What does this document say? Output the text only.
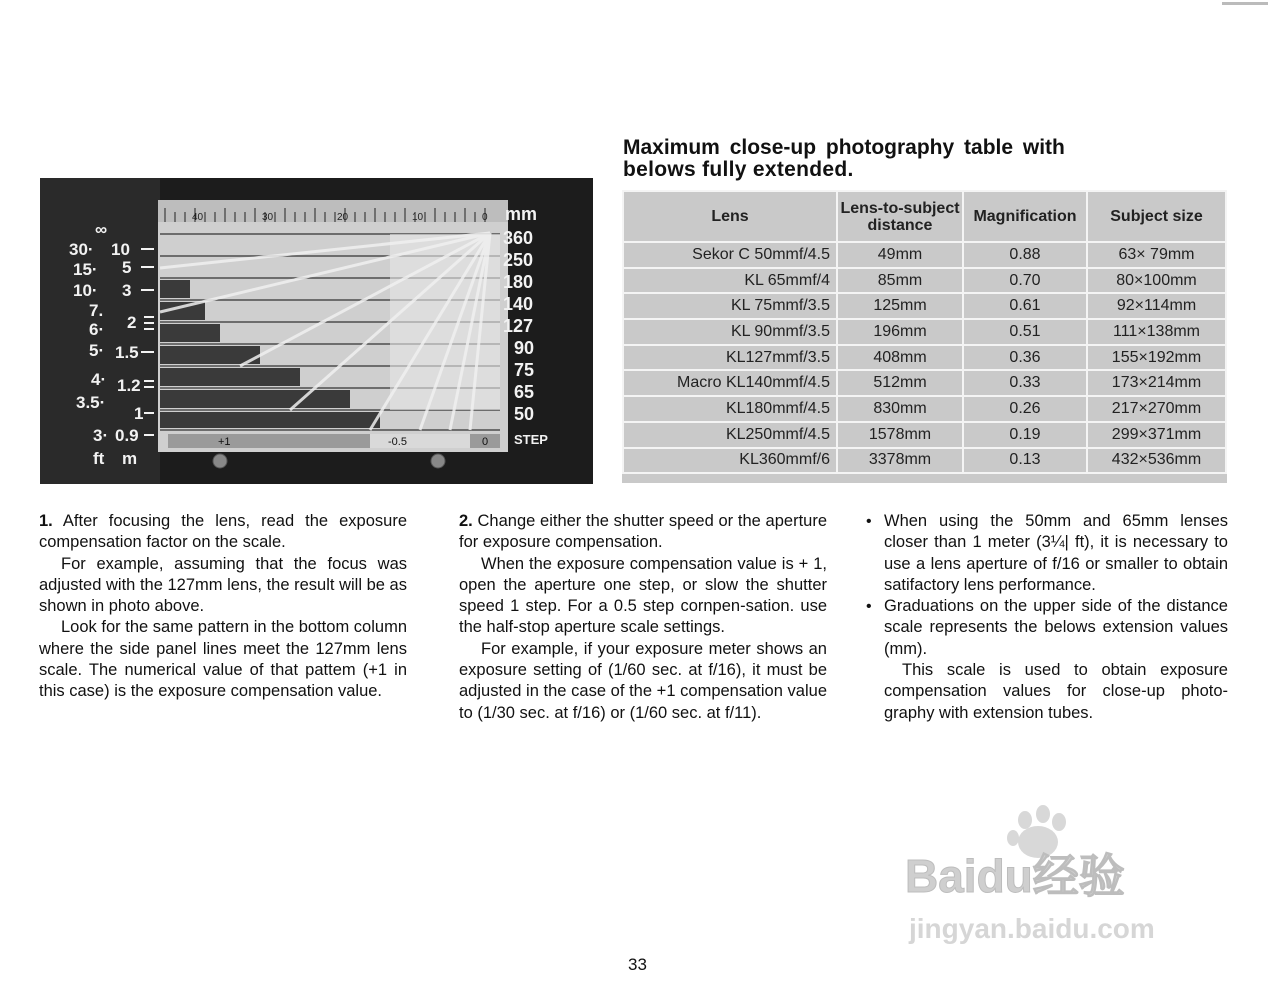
Maximum close-up photography table with
belows fully extended.
40	30	20	10	0
+1	-0.5	0
∞
30·
15·
10·
7.
6·
5·
4·
3.5·
3·
10
5
3
2
1.5
1.2
1
0.9
ft m
mm
360
250
180
140
127
90
75
65
50
STEP
Lens	Lens-to-subject distance	Magnification	Subject size
Sekor C 50mmf/4.5	49mm	0.88	63× 79mm
KL 65mmf/4	85mm	0.70	80×100mm
KL 75mmf/3.5	125mm	0.61	92×114mm
KL 90mmf/3.5	196mm	0.51	111×138mm
KL127mmf/3.5	408mm	0.36	155×192mm
Macro KL140mmf/4.5	512mm	0.33	173×214mm
KL180mmf/4.5	830mm	0.26	217×270mm
KL250mmf/4.5	1578mm	0.19	299×371mm
KL360mmf/6	3378mm	0.13	432×536mm

1. After focusing the lens, read the exposure compensation factor on the scale.

For example, assuming that the focus was adjusted with the 127mm lens, the result will be as shown in photo above.

Look for the same pattern in the bottom column where the side panel lines meet the 127mm lens scale. The numerical value of that pattem (+1 in this case) is the exposure compensation value.

2. Change either the shutter speed or the aperture for exposure compensation.

When the exposure compensation value is + 1, open the aperture one step, or slow the shutter speed 1 step. For a 0.5 step cornpen-sation. use the half-stop aperture scale settings.

For example, if your exposure meter shows an exposure setting of (1/60 sec. at f/16), it must be adjusted in the case of the +1 compensation value to (1/30 sec. at f/16) or (1/60 sec. at f/11).

• When using the 50mm and 65mm lenses closer than 1 meter (3¼| ft), it is necessary to use a lens aperture of f/16 or smaller to obtain satifactory lens performance.

• Graduations on the upper side of the distance scale represents the belows extension values (mm).

This scale is used to obtain exposure compensation values for close-up photo-graphy with extension tubes.

Baidu经验
jingyan.baidu.com
33
